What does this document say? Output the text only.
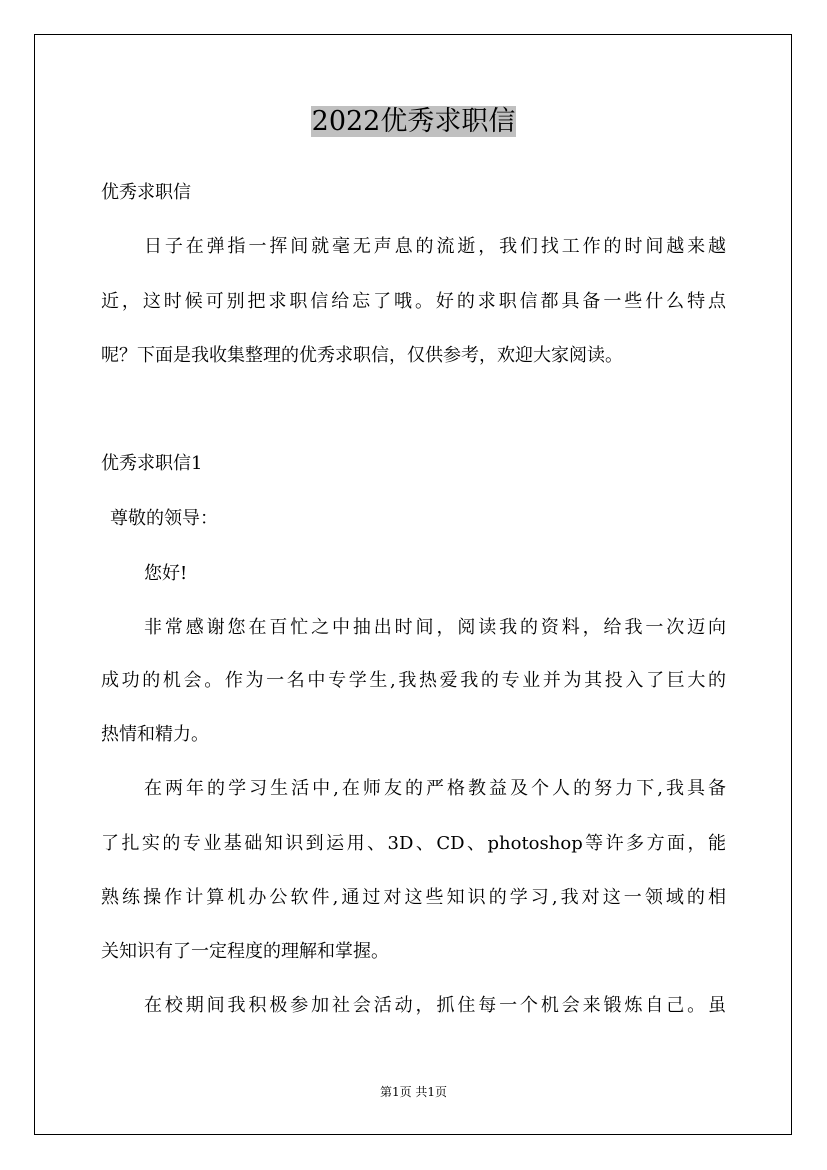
2022优秀求职信

优秀求职信

日子在弹指一挥间就毫无声息的流逝，我们找工作的时间越来越

近，这时候可别把求职信给忘了哦。好的求职信都具备一些什么特点

呢？下面是我收集整理的优秀求职信，仅供参考，欢迎大家阅读。

优秀求职信1

尊敬的领导：

您好!

非常感谢您在百忙之中抽出时间，阅读我的资料，给我一次迈向

成功的机会。作为一名中专学生,我热爱我的专业并为其投入了巨大的

热情和精力。

在两年的学习生活中,在师友的严格教益及个人的努力下,我具备

了扎实的专业基础知识到运用、3D、CD、photoshop等许多方面，能

熟练操作计算机办公软件,通过对这些知识的学习,我对这一领域的相

关知识有了一定程度的理解和掌握。

在校期间我积极参加社会活动，抓住每一个机会来锻炼自己。虽

第1页 共1页
